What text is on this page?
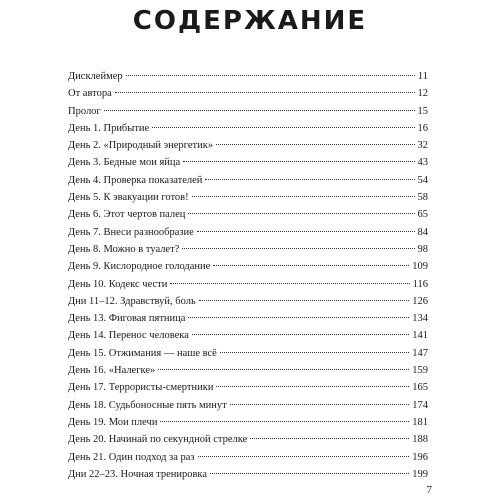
СОДЕРЖАНИЕ
Дисклеймер	11
От автора	12
Пролог	15
День 1. Прибытие	16
День 2. «Природный энергетик»	32
День 3. Бедные мои яйца	43
День 4. Проверка показателей	54
День 5. К эвакуации готов!	58
День 6. Этот чертов палец	65
День 7. Внеси разнообразие	84
День 8. Можно в туалет?	98
День 9. Кислородное голодание	109
День 10. Кодекс чести	116
Дни 11–12. Здравствуй, боль	126
День 13. Фиговая пятница	134
День 14. Перенос человека	141
День 15. Отжимания — наше всё	147
День 16. «Налегке»	159
День 17. Террористы-смертники	165
День 18. Судьбоносные пять минут	174
День 19. Мои плечи	181
День 20. Начинай по секундной стрелке	188
День 21. Один подход за раз	196
Дни 22–23. Ночная тренировка	199
7
